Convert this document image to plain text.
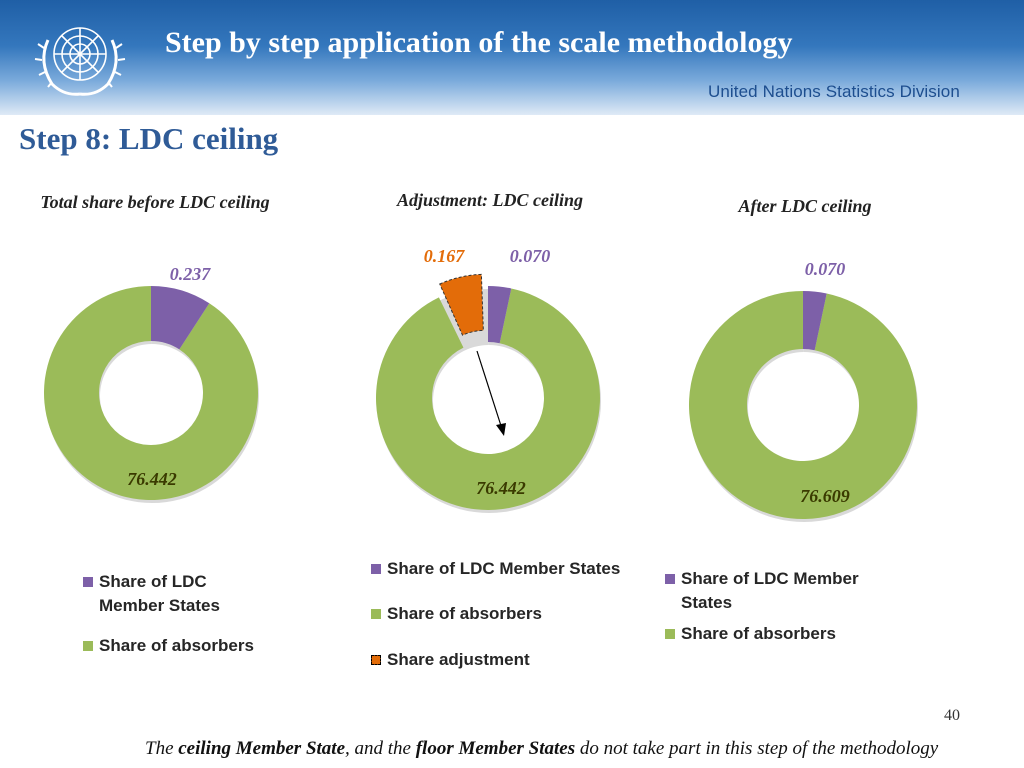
Step by step application of the scale methodology
United Nations Statistics Division
Step 8: LDC ceiling
Total share before LDC ceiling	Adjustment: LDC ceiling	After LDC ceiling
0.237
76.442
0.167	0.070
76.442
0.070
76.609
Share of LDC
Member States
Share of absorbers
Share of LDC Member States
Share of absorbers
Share adjustment
Share of LDC Member
States
Share of absorbers
40
The ceiling Member State, and the floor Member States do not take part in this step of the methodology
